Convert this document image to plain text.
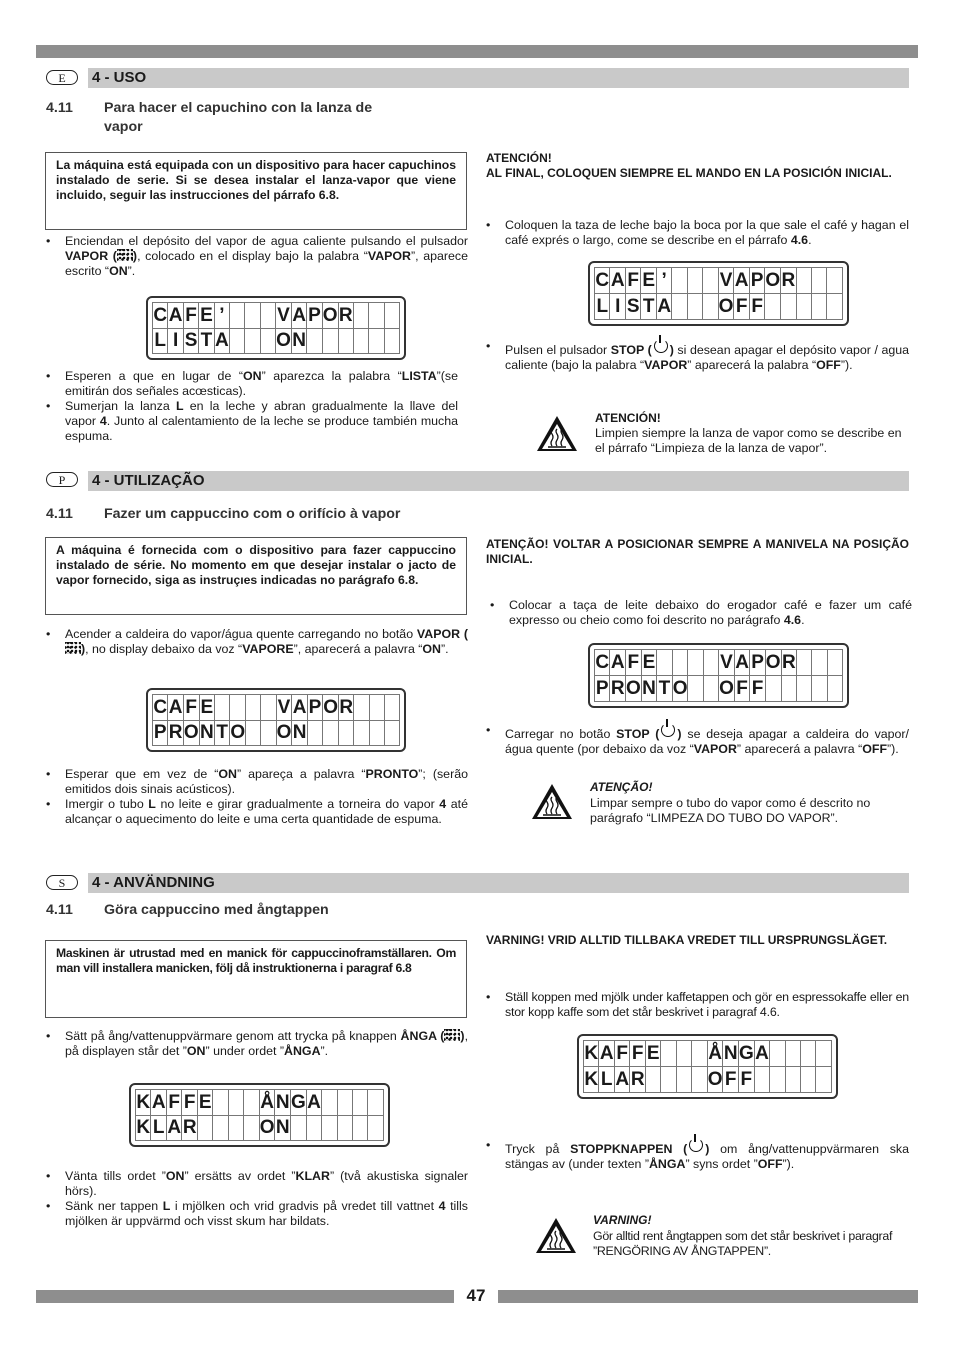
E	4 - USO
4.11 Para hacer el capuchino con la lanza de
vapor
La máquina está equipada con un dispositivo para hacer capuchinos instalado de serie. Si se desea instalar el lanza-vapor que viene incluido, seguir las instrucciones del párrafo 6.8.

• Enciendan el depósito del vapor de agua caliente pulsando el pulsador VAPOR ( ), colocado en el display bajo la palabra “VAPOR”, aparece escrito “ON”.

C	A	F	E	’				V	A	P	O	R			
L	I	S	T	A				O	N						

• Esperen a que en lugar de “ON” aparezca la palabra “LISTA”(se emitirán dos señales acœsticas).

• Sumerjan la lanza L en la leche y abran gradualmente la llave del vapor 4. Junto al calentamiento de la leche se produce también mucha espuma.

ATENCIÓN!
AL FINAL, COLOQUEN SIEMPRE EL MANDO EN LA POSICIÓN INICIAL.

• Coloquen la taza de leche bajo la boca por la que sale el café y hagan el café exprés o largo, come se describe en el párrafo 4.6.

C	A	F	E	’				V	A	P	O	R			
L	I	S	T	A				O	F	F					

• Pulsen el pulsador STOP ( ) si desean apagar el depósito vapor / agua caliente (bajo la palabra “VAPOR” aparecerá la palabra “OFF”).

ATENCIÓN!
Limpien siempre la lanza de vapor como se describe en el párrafo “Limpieza de la lanza de vapor”.
P	4 - UTILIZAÇÃO
4.11 Fazer um cappuccino com o orifício à vapor
A máquina é fornecida com o dispositivo para fazer cappuccino instalado de série. No momento em que desejar instalar o jacto de vapor fornecido, siga as instruçıes indicadas no parágrafo 6.8.

• Acender a caldeira do vapor/água quente carregando no botão VAPOR (), no display debaixo da voz “VAPORE”, aparecerá a palavra “ON”.

C	A	F	E					V	A	P	O	R			
P	R	O	N	T	O			O	N						

• Esperar que em vez de “ON” apareça a palavra “PRONTO”; (serão emitidos dois sinais acústicos).

• Imergir o tubo L no leite e girar gradualmente a torneira do vapor 4 até alcançar o aquecimento do leite e uma certa quantidade de espuma.

ATENÇÃO! VOLTAR A POSICIONAR SEMPRE A MANIVELA NA POSIÇÃO INICIAL.

• Colocar a taça de leite debaixo do erogador café e fazer um café expresso ou cheio como foi descrito no parágrafo 4.6.

C	A	F	E					V	A	P	O	R			
P	R	O	N	T	O			O	F	F					

• Carregar no botão STOP ( ) se deseja apagar a caldeira do vapor/água quente (por debaixo da voz “VAPOR” aparecerá a palavra “OFF”).

ATENÇÃO!
Limpar sempre o tubo do vapor como é descrito no parágrafo “LIMPEZA DO TUBO DO VAPOR”.
S	4 - ANVÄNDNING
4.11 Göra cappuccino med ångtappen
Maskinen är utrustad med en manick för cappuccinoframställaren. Om man vill installera manicken, följ då instruktionerna i paragraf 6.8

• Sätt på ång/vattenuppvärmare genom att trycka på knappen ÅNGA ( ), på displayen står det ”ON” under ordet ”ÅNGA”.

K	A	F	F	E				Å	N	G	A				
K	L	A	R					O	N						

• Vänta tills ordet ”ON” ersätts av ordet ”KLAR” (två akustiska signaler hörs).

• Sänk ner tappen L i mjölken och vrid gradvis på vredet till vattnet 4 tills mjölken är uppvärmd och visst skum har bildats.

VARNING! VRID ALLTID TILLBAKA VREDET TILL URSPRUNGSLÄGET.

• Ställ koppen med mjölk under kaffetappen och gör en espressokaffe eller en stor kopp kaffe som det står beskrivet i paragraf 4.6.

K	A	F	F	E				Å	N	G	A				
K	L	A	R					O	F	F					

• Tryck på STOPPKNAPPEN ( ) om ång/vattenuppvärmaren ska stängas av (under texten ”ÅNGA” syns ordet ”OFF”).

VARNING!
Gör alltid rent ångtappen som det står beskrivet i paragraf ”RENGÖRING AV ÅNGTAPPEN”.
47
